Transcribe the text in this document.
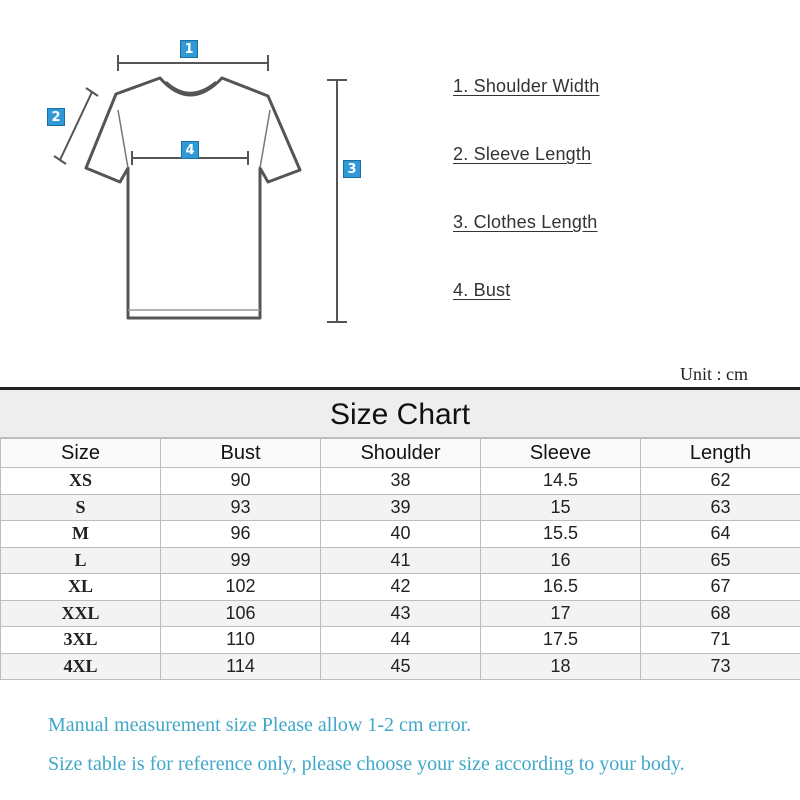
1
2
3
4
1. Shoulder Width
2. Sleeve Length
3. Clothes Length
4. Bust
Unit : cm
Size Chart
Size	Bust	Shoulder	Sleeve	Length
XS	90	38	14.5	62
S	93	39	15	63
M	96	40	15.5	64
L	99	41	16	65
XL	102	42	16.5	67
XXL	106	43	17	68
3XL	110	44	17.5	71
4XL	114	45	18	73
Manual measurement size Please allow 1-2 cm error.
Size table is for reference only, please choose your size according to your body.
